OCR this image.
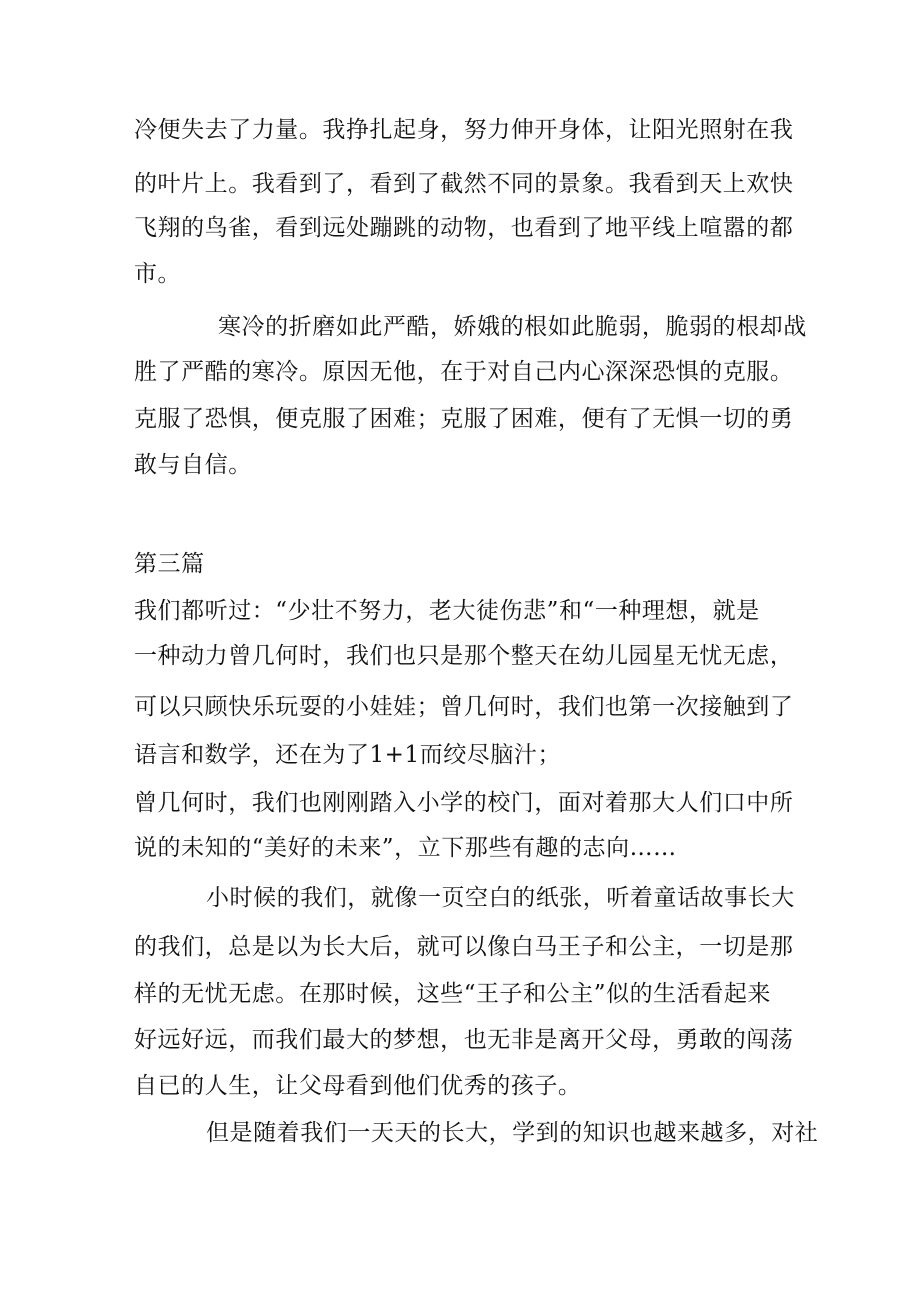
冷便失去了力量。我挣扎起身，努力伸开身体，让阳光照射在我
的叶片上。我看到了，看到了截然不同的景象。我看到天上欢快
飞翔的鸟雀，看到远处蹦跳的动物，也看到了地平线上喧嚣的都
市。
寒冷的折磨如此严酷，娇娥的根如此脆弱，脆弱的根却战
胜了严酷的寒冷。原因无他，在于对自己内心深深恐惧的克服。
克服了恐惧，便克服了困难；克服了困难，便有了无惧一切的勇
敢与自信。
第三篇
我们都听过：“少壮不努力，老大徒伤悲”和“一种理想，就是
一种动力曾几何时，我们也只是那个整天在幼儿园星无忧无虑，
可以只顾快乐玩耍的小娃娃；曾几何时，我们也第一次接触到了
语言和数学，还在为了1+1而绞尽脑汁；
曾几何时，我们也刚刚踏入小学的校门，面对着那大人们口中所
说的未知的“美好的未来”，立下那些有趣的志向……
小时候的我们，就像一页空白的纸张，听着童话故事长大
的我们，总是以为长大后，就可以像白马王子和公主，一切是那
样的无忧无虑。在那时候，这些“王子和公主”似的生活看起来
好远好远，而我们最大的梦想，也无非是离开父母，勇敢的闯荡
自已的人生，让父母看到他们优秀的孩子。
但是随着我们一天天的长大，学到的知识也越来越多，对社
